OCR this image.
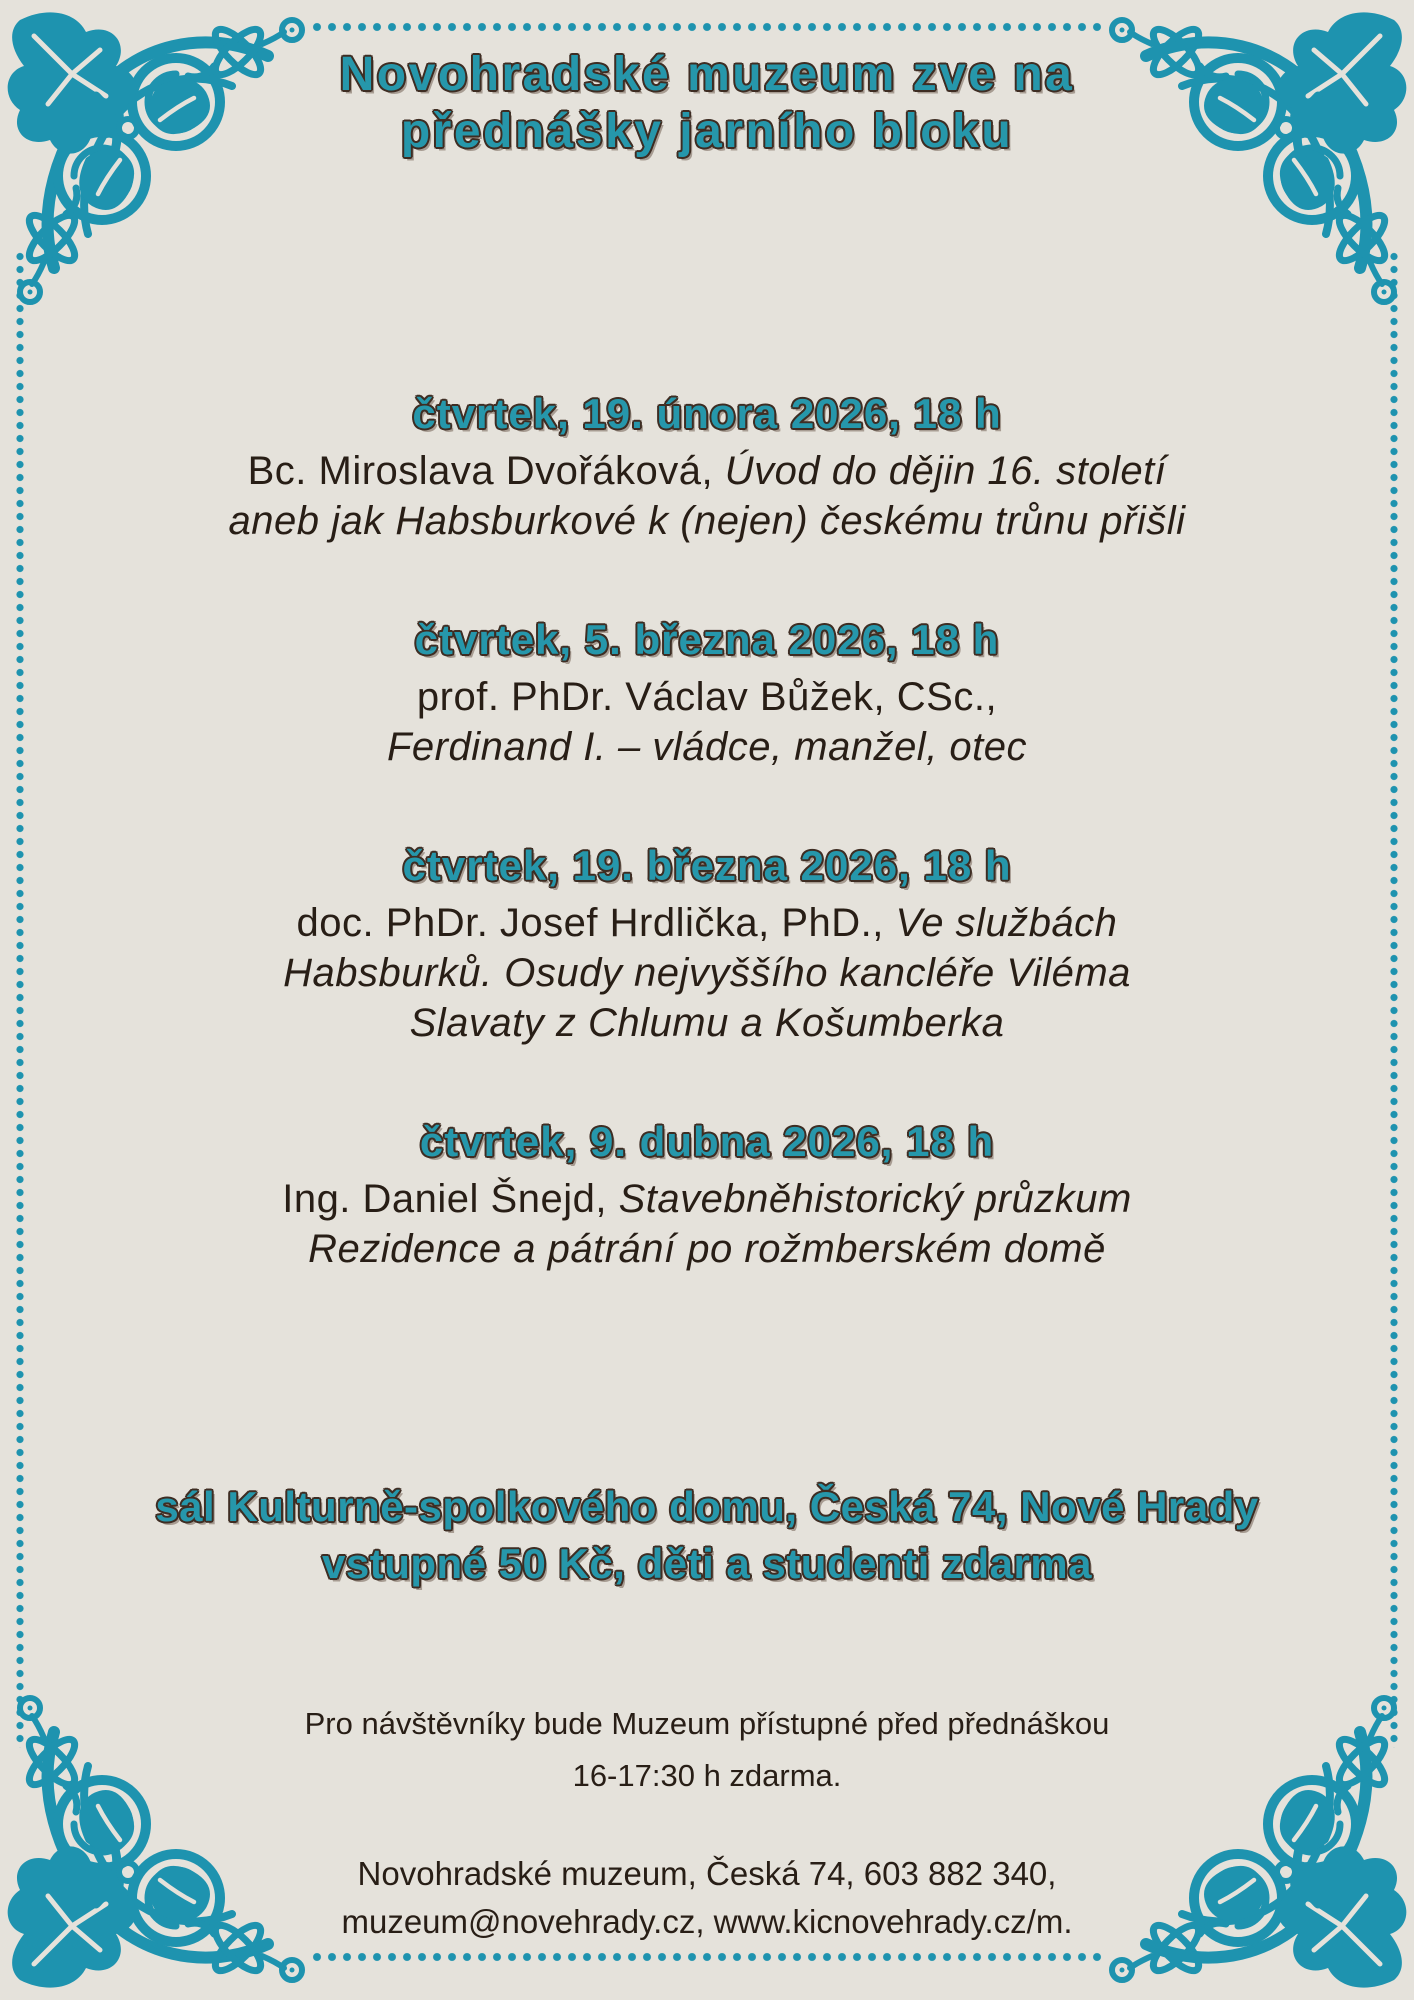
Novohradské muzeum zve na
přednášky jarního bloku
čtvrtek, 19. února 2026, 18 h
Bc. Miroslava Dvořáková, Úvod do dějin 16. století
aneb jak Habsburkové k (nejen) českému trůnu přišli
čtvrtek, 5. března 2026, 18 h
prof. PhDr. Václav Bůžek, CSc.,
Ferdinand I. – vládce, manžel, otec
čtvrtek, 19. března 2026, 18 h
doc. PhDr. Josef Hrdlička, PhD., Ve službách
Habsburků. Osudy nejvyššího kancléře Viléma
Slavaty z Chlumu a Košumberka
čtvrtek, 9. dubna 2026, 18 h
Ing. Daniel Šnejd, Stavebněhistorický průzkum
Rezidence a pátrání po rožmberském domě
sál Kulturně-spolkového domu, Česká 74, Nové Hrady
vstupné 50 Kč, děti a studenti zdarma
Pro návštěvníky bude Muzeum přístupné před přednáškou
16-17:30 h zdarma.
Novohradské muzeum, Česká 74, 603 882 340,
muzeum@novehrady.cz, www.kicnovehrady.cz/m.
